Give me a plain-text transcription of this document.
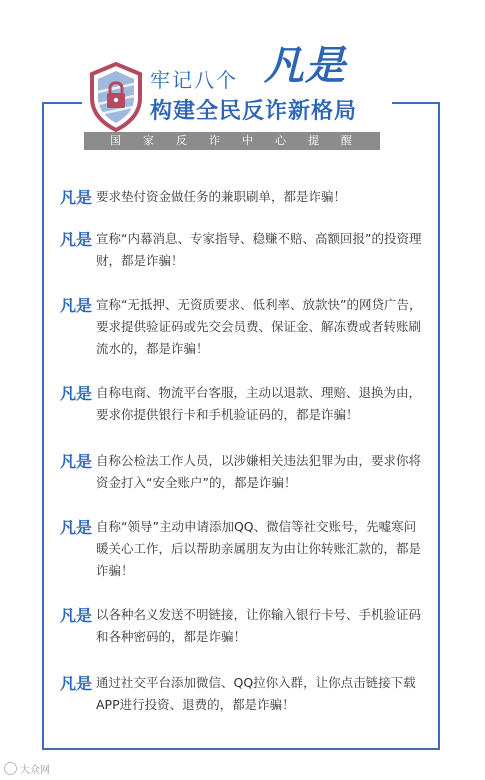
牢记八个 凡是
构建全民反诈新格局
国家反诈中心提醒
凡是 要求垫付资金做任务的兼职刷单，都是诈骗！
凡是 宣称“内幕消息、专家指导、稳赚不赔、高额回报”的投资理财，都是诈骗！
凡是 宣称“无抵押、无资质要求、低利率、放款快”的网贷广告，要求提供验证码或先交会员费、保证金、解冻费或者转账刷流水的，都是诈骗！
凡是 自称电商、物流平台客服，主动以退款、理赔、退换为由，要求你提供银行卡和手机验证码的，都是诈骗！
凡是 自称公检法工作人员，以涉嫌相关违法犯罪为由，要求你将资金打入“安全账户”的，都是诈骗！
凡是 自称“领导”主动申请添加QQ、微信等社交账号，先嘘寒问暖关心工作，后以帮助亲属朋友为由让你转账汇款的，都是诈骗！
凡是 以各种名义发送不明链接，让你输入银行卡号、手机验证码和各种密码的，都是诈骗！
凡是 通过社交平台添加微信、QQ拉你入群，让你点击链接下载APP进行投资、退费的，都是诈骗！
大众网
